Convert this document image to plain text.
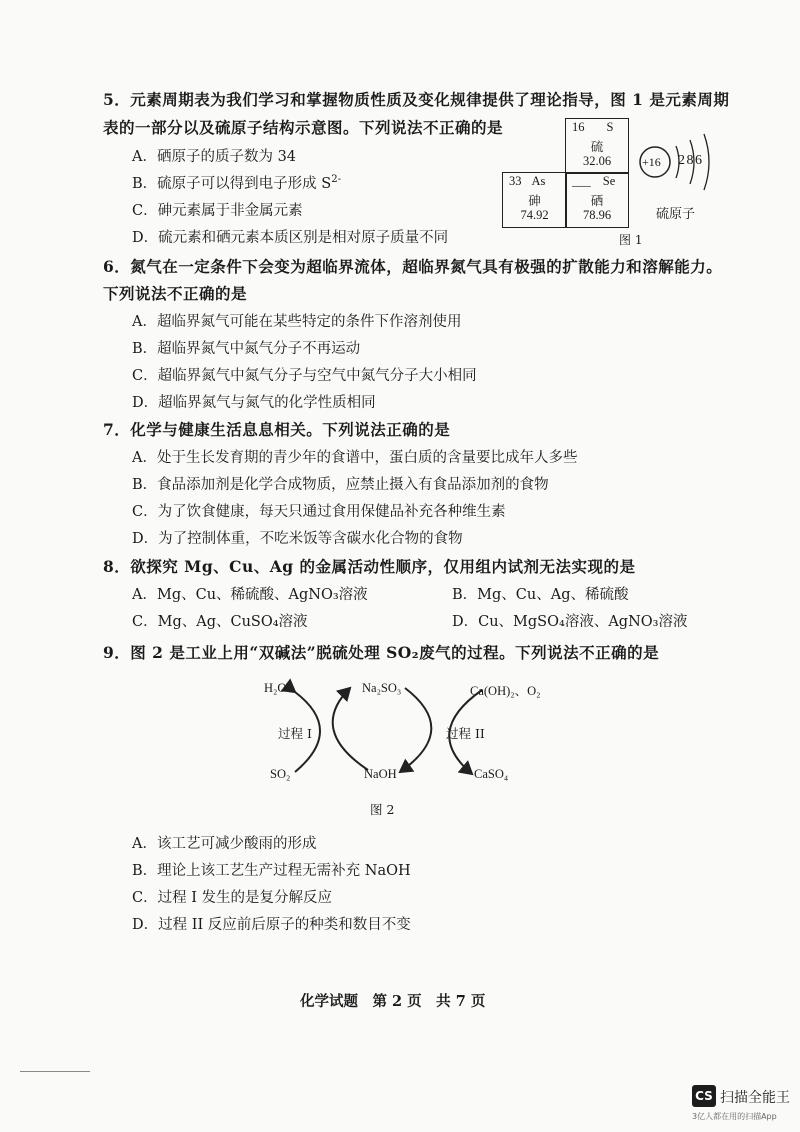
5．元素周期表为我们学习和掌握物质性质及变化规律提供了理论指导，图 1 是元素周期
表的一部分以及硫原子结构示意图。下列说法不正确的是
A．硒原子的质子数为 34
B．硫原子可以得到电子形成 $S^{2-}$
C．砷元素属于非金属元素
D．硫元素和硒元素本质区别是相对原子质量不同
16 S
硫
32.06
33 As
砷
74.92
___ Se
硒
78.96
+16 2 8 6
硫原子
图 1
6．氮气在一定条件下会变为超临界流体，超临界氮气具有极强的扩散能力和溶解能力。
下列说法不正确的是
A．超临界氮气可能在某些特定的条件下作溶剂使用
B．超临界氮气中氮气分子不再运动
C．超临界氮气中氮气分子与空气中氮气分子大小相同
D．超临界氮气与氮气的化学性质相同
7．化学与健康生活息息相关。下列说法正确的是
A．处于生长发育期的青少年的食谱中，蛋白质的含量要比成年人多些
B．食品添加剂是化学合成物质，应禁止摄入有食品添加剂的食物
C．为了饮食健康，每天只通过食用保健品补充各种维生素
D．为了控制体重，不吃米饭等含碳水化合物的食物
8．欲探究 Mg、Cu、Ag 的金属活动性顺序，仅用组内试剂无法实现的是
A．Mg、Cu、稀硫酸、AgNO₃溶液	B．Mg、Cu、Ag、稀硫酸
C．Mg、Ag、CuSO₄溶液	D．Cu、MgSO₄溶液、AgNO₃溶液
9．图 2 是工业上用“双碱法”脱硫处理 SO₂废气的过程。下列说法不正确的是
H₂O	Na₂SO₃	Ca(OH)₂、O₂
过程 I	过程 II
SO₂	NaOH	CaSO₄
图 2
A．该工艺可减少酸雨的形成
B．理论上该工艺生产过程无需补充 NaOH
C．过程 I 发生的是复分解反应
D．过程 II 反应前后原子的种类和数目不变
化学试题　第 2 页　共 7 页
CS 扫描全能王
3亿人都在用的扫描App
